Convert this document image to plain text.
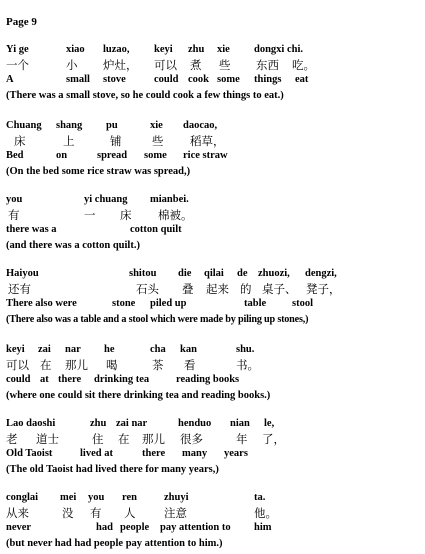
Page 9
Yi ge	xiao luzao, keyi zhu xie dongxi chi.
一个	小 炉灶， 可以 煮 些 东西 吃。
A	small stove	could cook some things eat
(There was a small stove, so he could cook a few things to eat.)
Chuang shang pu	xie daocao,
床	上	铺	些 稻草，
Bed	on	spread some rice straw
(On the bed some rice straw was spread,)
you	yi chuang mianbei.
有	一 床 棉被。
there was a	cotton quilt
(and there was a cotton quilt.)
Haiyou	shitou die qilai de zhuozi, dengzi,
还有	石头 叠 起来 的 桌子、 凳子，
There also were	stone piled up	table stool
(There also was a table and a stool which were made by piling up stones,)
keyi zai nar he	cha kan	shu.
可以 在 那儿 喝	茶 看	书。
could at there drinking tea	reading books
(where one could sit there drinking tea and reading books.)
Lao daoshi	zhu zai nar	henduo nian le,
老 道士	住 在 那儿 很多	年 了，
Old Taoist	lived at	there many years
(The old Taoist had lived there for many years,)
conglai mei you ren	zhuyi	ta.
从来	没 有 人 注意	他。
never	had people pay attention to him
(but never had had people pay attention to him.)
